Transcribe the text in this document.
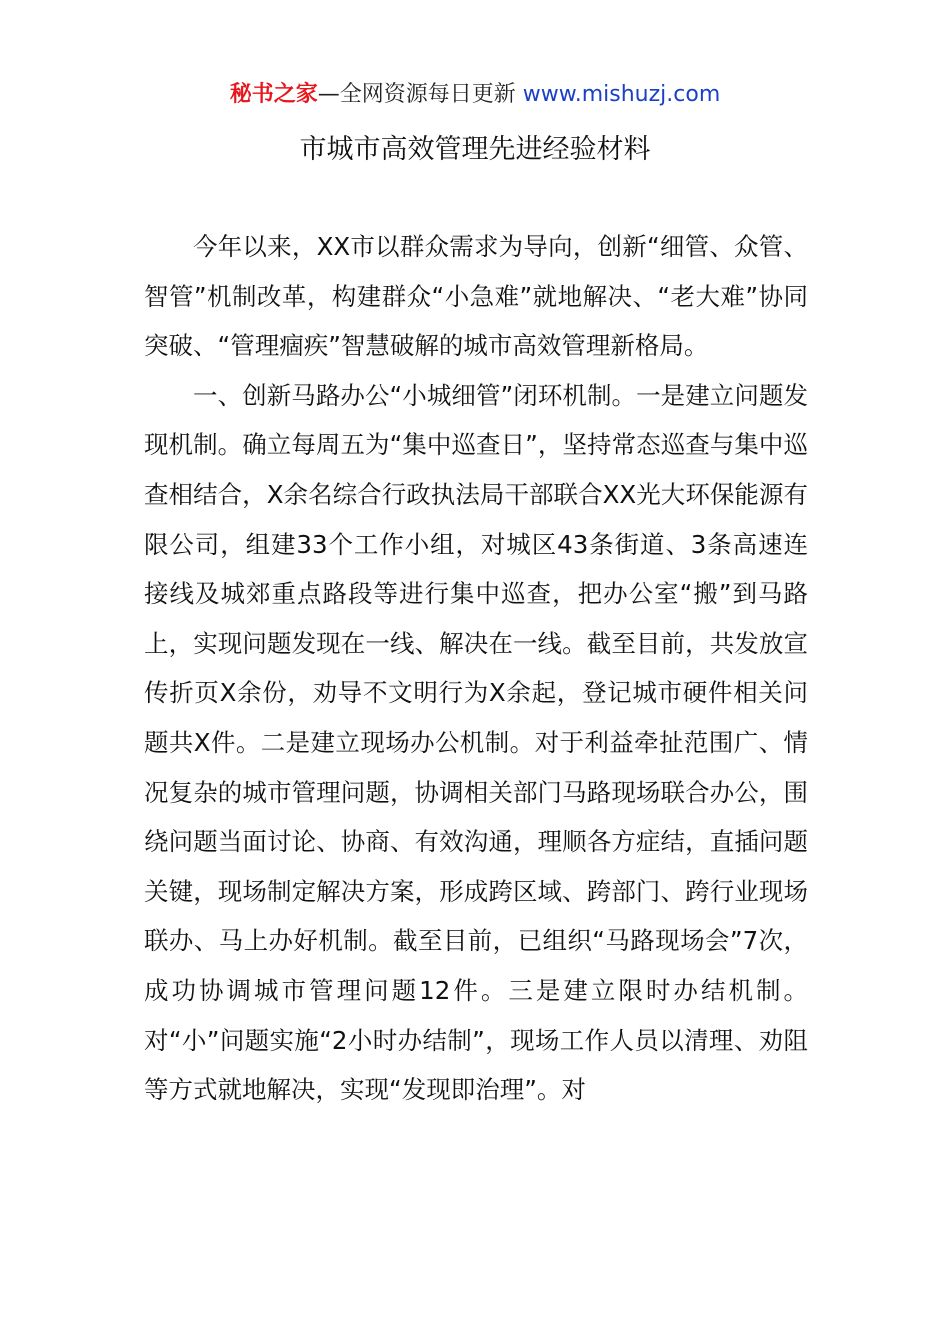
秘书之家—全网资源每日更新 www.mishuzj.com
市城市高效管理先进经验材料

今年以来，XX市以群众需求为导向，创新“细管、众管、智管”机制改革，构建群众“小急难”就地解决、“老大难”协同突破、“管理痼疾”智慧破解的城市高效管理新格局。

一、创新马路办公“小城细管”闭环机制。一是建立问题发现机制。确立每周五为“集中巡查日”，坚持常态巡查与集中巡查相结合，X余名综合行政执法局干部联合XX光大环保能源有限公司，组建33个工作小组，对城区43条街道、3条高速连接线及城郊重点路段等进行集中巡查，把办公室“搬”到马路上，实现问题发现在一线、解决在一线。截至目前，共发放宣传折页X余份，劝导不文明行为X余起，登记城市硬件相关问题共X件。二是建立现场办公机制。对于利益牵扯范围广、情况复杂的城市管理问题，协调相关部门马路现场联合办公，围绕问题当面讨论、协商、有效沟通，理顺各方症结，直插问题关键，现场制定解决方案，形成跨区域、跨部门、跨行业现场联办、马上办好机制。截至目前，已组织“马路现场会”7次，成功协调城市管理问题12件。三是建立限时办结机制。对“小”问题实施“2小时办结制”，现场工作人员以清理、劝阻等方式就地解决，实现“发现即治理”。对
